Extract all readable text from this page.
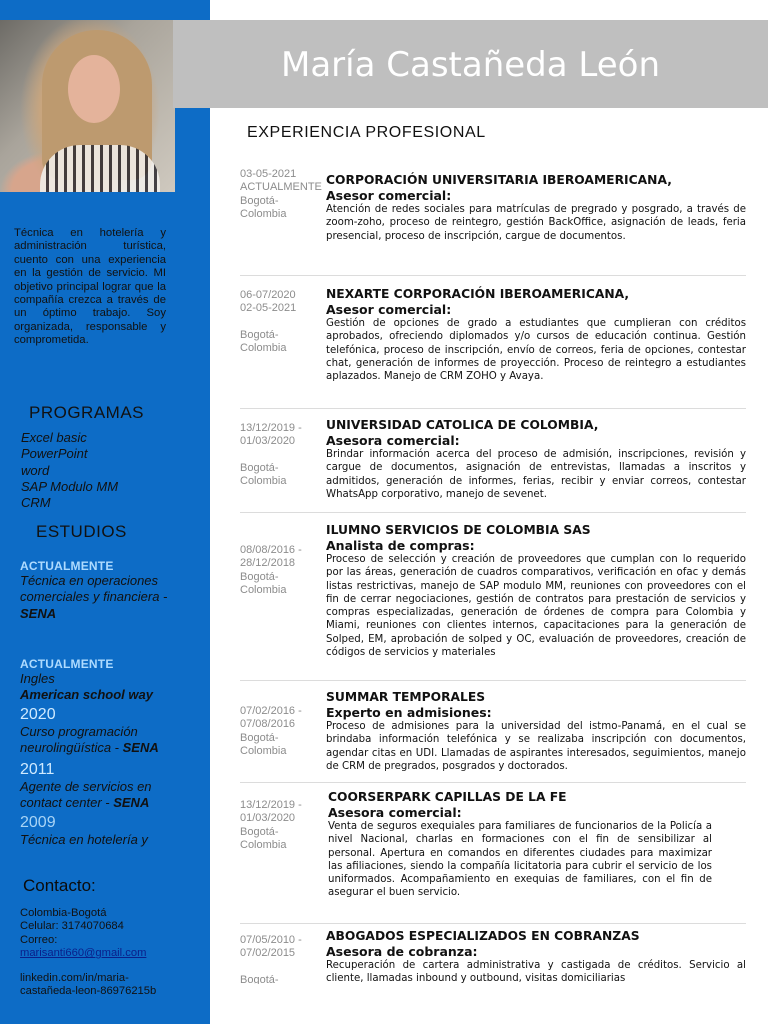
Técnica en hotelería y administración turística, cuento con una experiencia en la gestión de servicio. MI objetivo principal lograr que la compañía crezca a través de un óptimo trabajo. Soy organizada, responsable y comprometida.
PROGRAMAS
Excel basic
PowerPoint
word
SAP Modulo MM
CRM
ESTUDIOS
ACTUALMENTE
Técnica en operaciones comerciales y financiera - SENA
ACTUALMENTE
Ingles
American school way
2020
Curso programación neurolingüística - SENA
2011
Agente de servicios en contact center - SENA
2009
Técnica en hotelería y
Contacto:
Colombia-Bogotá
Celular: 3174070684
Correo:
marisanti660@gmail.com
linkedin.com/in/maria-
castañeda-leon-86976215b
María Castañeda León
EXPERIENCIA PROFESIONAL
03-05-2021
ACTUALMENTE
Bogotá-
Colombia
CORPORACIÓN UNIVERSITARIA IBEROAMERICANA,
Asesor comercial:
Atención de redes sociales para matrículas de pregrado y posgrado, a través de zoom-zoho, proceso de reintegro, gestión BackOffice, asignación de leads, feria presencial, proceso de inscripción, cargue de documentos.
06-07/2020
02-05-2021
Bogotá-
Colombia
NEXARTE CORPORACIÓN IBEROAMERICANA,
Asesor comercial:
Gestión de opciones de grado a estudiantes que cumplieran con créditos aprobados, ofreciendo diplomados y/o cursos de educación continua. Gestión telefónica, proceso de inscripción, envío de correos, feria de opciones, contestar chat, generación de informes de proyección. Proceso de reintegro a estudiantes aplazados. Manejo de CRM ZOHO y Avaya.
13/12/2019 -
01/03/2020
Bogotá-
Colombia
UNIVERSIDAD CATOLICA DE COLOMBIA,
Asesora comercial:
Brindar información acerca del proceso de admisión, inscripciones, revisión y cargue de documentos, asignación de entrevistas, llamadas a inscritos y admitidos, generación de informes, ferias, recibir y enviar correos, contestar WhatsApp corporativo, manejo de sevenet.
08/08/2016 -
28/12/2018
Bogotá-
Colombia
ILUMNO SERVICIOS DE COLOMBIA SAS
Analista de compras:
Proceso de selección y creación de proveedores que cumplan con lo requerido por las áreas, generación de cuadros comparativos, verificación en ofac y demás listas restrictivas, manejo de SAP modulo MM, reuniones con proveedores con el fin de cerrar negociaciones, gestión de contratos para prestación de servicios y compras especializadas, generación de órdenes de compra para Colombia y Miami, reuniones con clientes internos, capacitaciones para la generación de Solped, EM, aprobación de solped y OC, evaluación de proveedores, creación de códigos de servicios y materiales
07/02/2016 -
07/08/2016
Bogotá-
Colombia
SUMMAR TEMPORALES
Experto en admisiones:
Proceso de admisiones para la universidad del istmo-Panamá, en el cual se brindaba información telefónica y se realizaba inscripción con documentos, agendar citas en UDI. Llamadas de aspirantes interesados, seguimientos, manejo de CRM de pregrados, posgrados y doctorados.
13/12/2019 -
01/03/2020
Bogotá-
Colombia
COORSERPARK CAPILLAS DE LA FE
Asesora comercial:
Venta de seguros exequiales para familiares de funcionarios de la Policía a nivel Nacional, charlas en formaciones con el fin de sensibilizar al personal. Apertura en comandos en diferentes ciudades para maximizar las afiliaciones, siendo la compañía licitatoria para cubrir el servicio de los uniformados. Acompañamiento en exequias de familiares, con el fin de asegurar el buen servicio.
07/05/2010 -
07/02/2015
Bogotá-
ABOGADOS ESPECIALIZADOS EN COBRANZAS
Asesora de cobranza:
Recuperación de cartera administrativa y castigada de créditos. Servicio al cliente, llamadas inbound y outbound, visitas domiciliarias
